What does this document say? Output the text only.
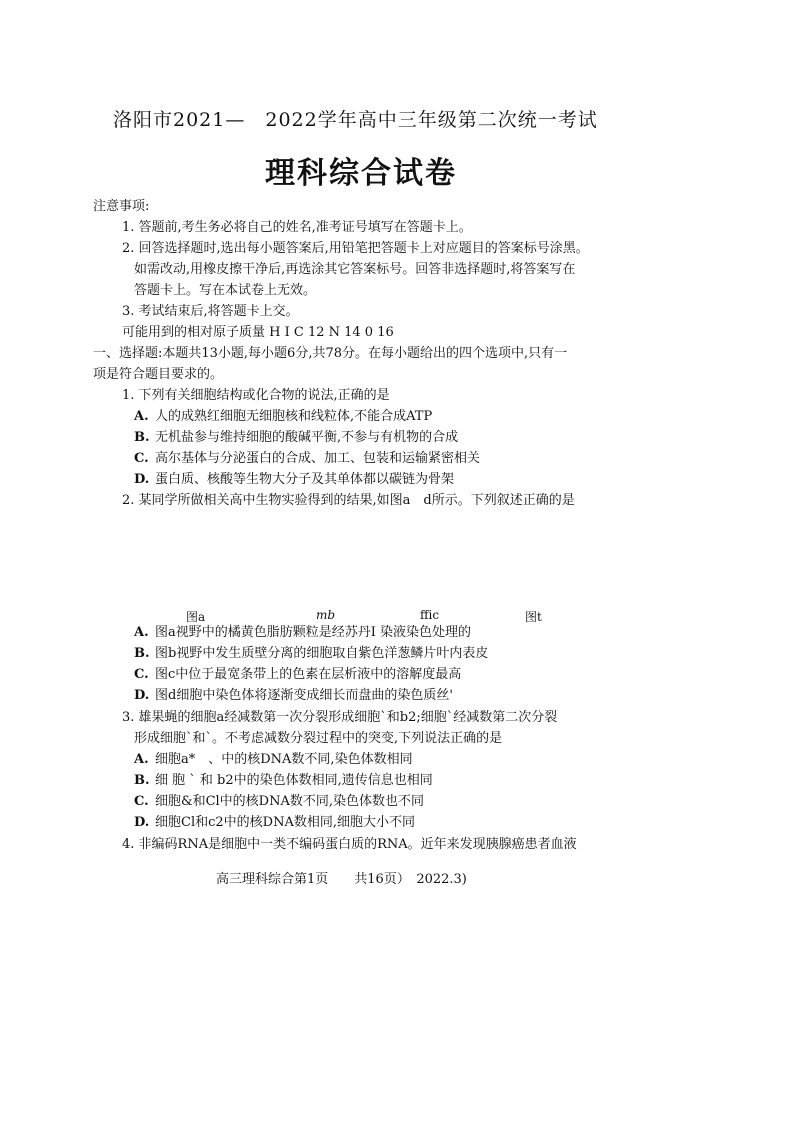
洛阳市2021—　2022学年高中三年级第二次统一考试
理科综合试卷
注意事项:
1. 答题前,考生务必将自己的姓名,准考证号填写在答题卡上。
2. 回答选择题时,选出每小题答案后,用铅笔把答题卡上对应题目的答案标号涂黑。
如需改动,用橡皮擦干净后,再选涂其它答案标号。回答非选择题时,将答案写在
答题卡上。写在本试卷上无效。
3. 考试结束后,将答题卡上交。
可能用到的相对原子质量 H I C 12 N 14 0 16
一、选择题:本题共13小题,每小题6分,共78分。在每小题给出的四个选项中,只有一
项是符合题目要求的。
1. 下列有关细胞结构或化合物的说法,正确的是
A. 人的成熟红细胞无细胞核和线粒体,不能合成ATP
B. 无机盐参与维持细胞的酸碱平衡,不参与有机物的合成
C. 高尔基体与分泌蛋白的合成、加工、包装和运输紧密相关
D. 蛋白质、核酸等生物大分子及其单体都以碳链为骨架
2. 某同学所做相关高中生物实验得到的结果,如图a　d所示。下列叙述正确的是
图a	mb	ffic	图t
A. 图a视野中的橘黄色脂肪颗粒是经苏丹I 染液染色处理的
B. 图b视野中发生质壁分离的细胞取自紫色洋葱鳞片叶内表皮
C. 图c中位于最宽条带上的色素在层析液中的溶解度最高
D. 图d细胞中染色体将逐渐变成细长而盘曲的染色质丝'
3. 雄果蝇的细胞a经减数第一次分裂形成细胞`和b2;细胞`经减数第二次分裂
形成细胞`和`。不考虑减数分裂过程中的突变,下列说法正确的是
A. 细胞a*　、中的核DNA数不同,染色体数相同
B. 细 胞 ` 和 b2中的染色体数相同,遗传信息也相同
C. 细胞&和Cl中的核DNA数不同,染色体数也不同
D. 细胞Cl和c2中的核DNA数相同,细胞大小不同
4. 非编码RNA是细胞中一类不编码蛋白质的RNA。近年来发现胰腺癌患者血液
高三理科综合第1页　　共16页）　2022.3)
